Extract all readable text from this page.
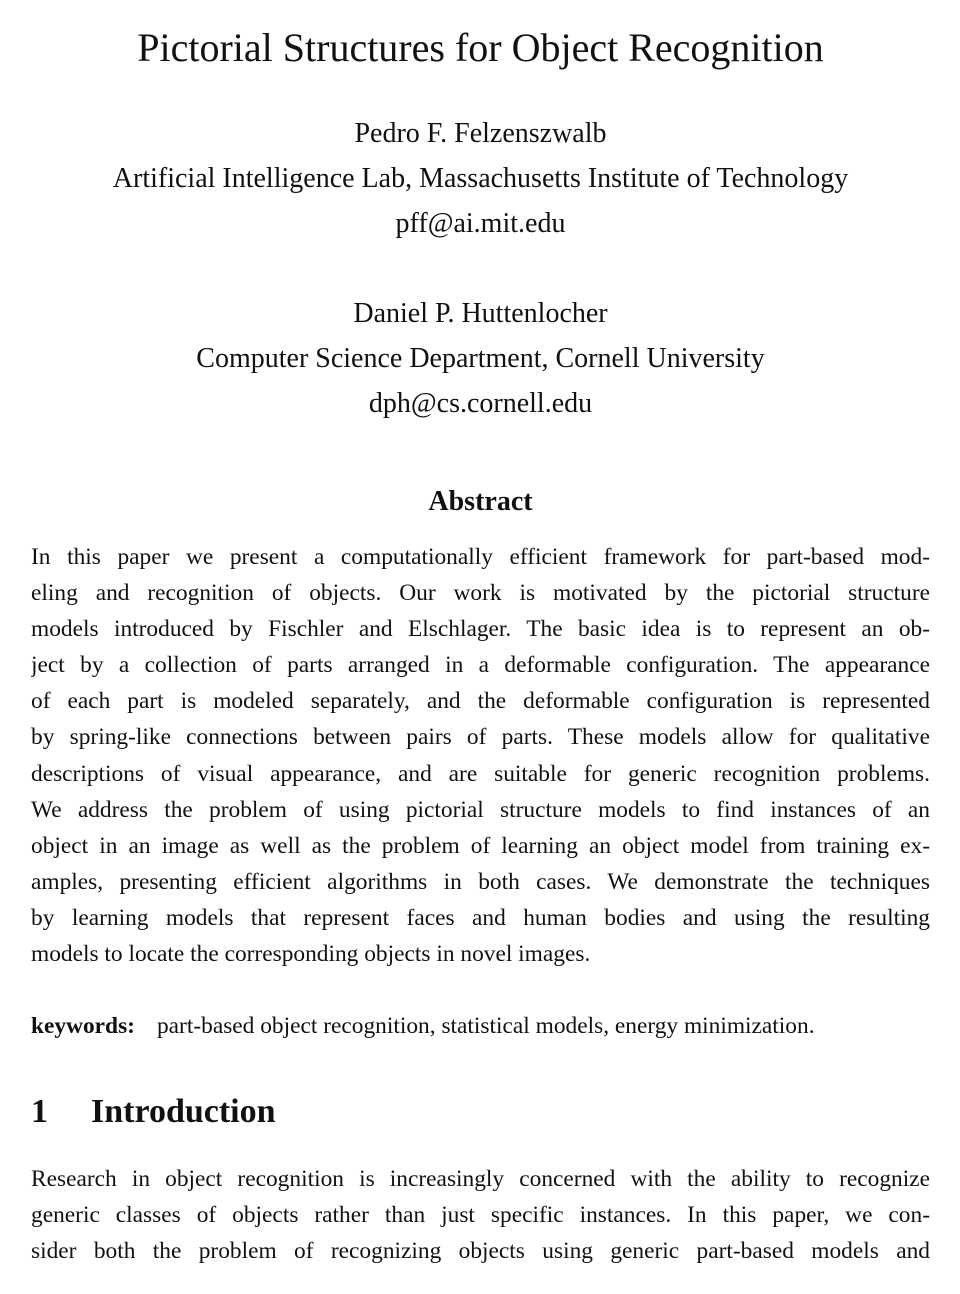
Pictorial Structures for Object Recognition
Pedro F. Felzenszwalb
Artificial Intelligence Lab, Massachusetts Institute of Technology
pff@ai.mit.edu
Daniel P. Huttenlocher
Computer Science Department, Cornell University
dph@cs.cornell.edu
Abstract
In this paper we present a computationally efficient framework for part-based mod-
eling and recognition of objects. Our work is motivated by the pictorial structure
models introduced by Fischler and Elschlager. The basic idea is to represent an ob-
ject by a collection of parts arranged in a deformable configuration. The appearance
of each part is modeled separately, and the deformable configuration is represented
by spring-like connections between pairs of parts. These models allow for qualitative
descriptions of visual appearance, and are suitable for generic recognition problems.
We address the problem of using pictorial structure models to find instances of an
object in an image as well as the problem of learning an object model from training ex-
amples, presenting efficient algorithms in both cases. We demonstrate the techniques
by learning models that represent faces and human bodies and using the resulting
models to locate the corresponding objects in novel images.
keywords: part-based object recognition, statistical models, energy minimization.
1 Introduction
Research in object recognition is increasingly concerned with the ability to recognize
generic classes of objects rather than just specific instances. In this paper, we con-
sider both the problem of recognizing objects using generic part-based models and
